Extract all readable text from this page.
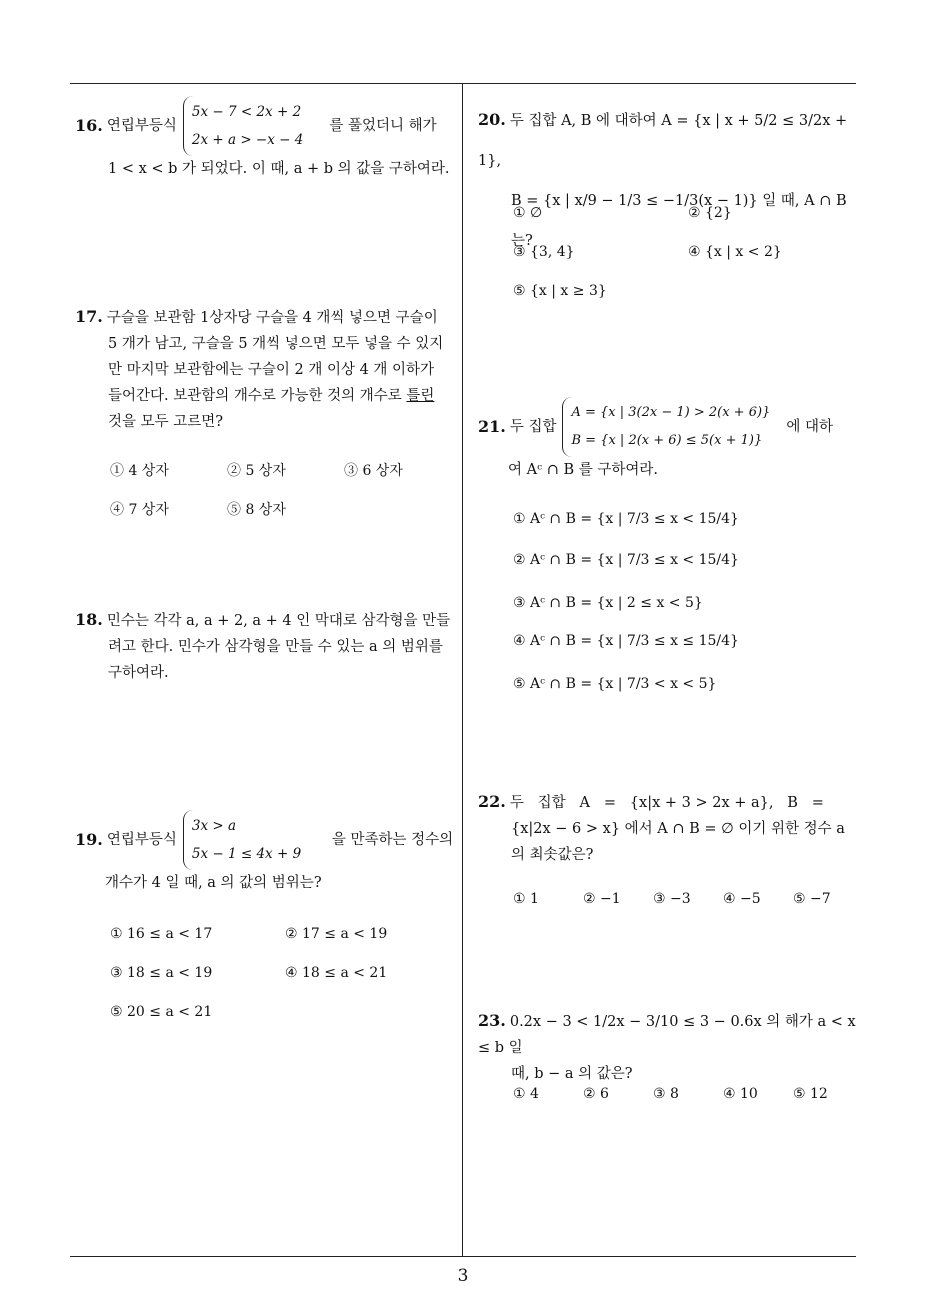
16. 연립부등식
5x − 7 < 2x + 2
2x + a > −x − 4
를 풀었더니 해가
1 < x < b 가 되었다. 이 때, a + b 의 값을 구하여라.
17. 구슬을 보관함 1상자당 구슬을 4 개씩 넣으면 구슬이
5 개가 남고, 구슬을 5 개씩 넣으면 모두 넣을 수 있지
만 마지막 보관함에는 구슬이 2 개 이상 4 개 이하가
들어간다. 보관함의 개수로 가능한 것의 개수로 틀린
것을 모두 고르면?
① 4 상자	② 5 상자	③ 6 상자
④ 7 상자	⑤ 8 상자
18. 민수는 각각 a, a + 2, a + 4 인 막대로 삼각형을 만들
려고 한다. 민수가 삼각형을 만들 수 있는 a 의 범위를
구하여라.
19. 연립부등식
3x > a
5x − 1 ≤ 4x + 9
을 만족하는 정수의
개수가 4 일 때, a 의 값의 범위는?
① 16 ≤ a < 17	② 17 ≤ a < 19
③ 18 ≤ a < 19	④ 18 ≤ a < 21
⑤ 20 ≤ a < 21
20. 두 집합 A, B 에 대하여 A = {x | x + 5/2 ≤ 3/2x + 1},
B = {x | x/9 − 1/3 ≤ −1/3(x − 1)} 일 때, A ∩ B 는?
① ∅	② {2}
③ {3, 4}	④ {x | x < 2}
⑤ {x | x ≥ 3}
21. 두 집합
A = {x | 3(2x − 1) > 2(x + 6)}
B = {x | 2(x + 6) ≤ 5(x + 1)}
에 대하
여 Aᶜ ∩ B 를 구하여라.
① Aᶜ ∩ B = {x | 7/3 ≤ x < 15/4}
② Aᶜ ∩ B = {x | 7/3 ≤ x < 15/4}
③ Aᶜ ∩ B = {x | 2 ≤ x < 5}
④ Aᶜ ∩ B = {x | 7/3 ≤ x ≤ 15/4}
⑤ Aᶜ ∩ B = {x | 7/3 < x < 5}
22. 두   집합   A   =   {x|x + 3 > 2x + a},   B   =
{x|2x − 6 > x} 에서 A ∩ B = ∅ 이기 위한 정수 a
의 최솟값은?
① 1	② −1 ③ −3 ④ −5 ⑤ −7
23. 0.2x − 3 < 1/2x − 3/10 ≤ 3 − 0.6x 의 해가 a < x ≤ b 일
때, b − a 의 값은?
① 4	② 6	③ 8	④ 10	⑤ 12
3
